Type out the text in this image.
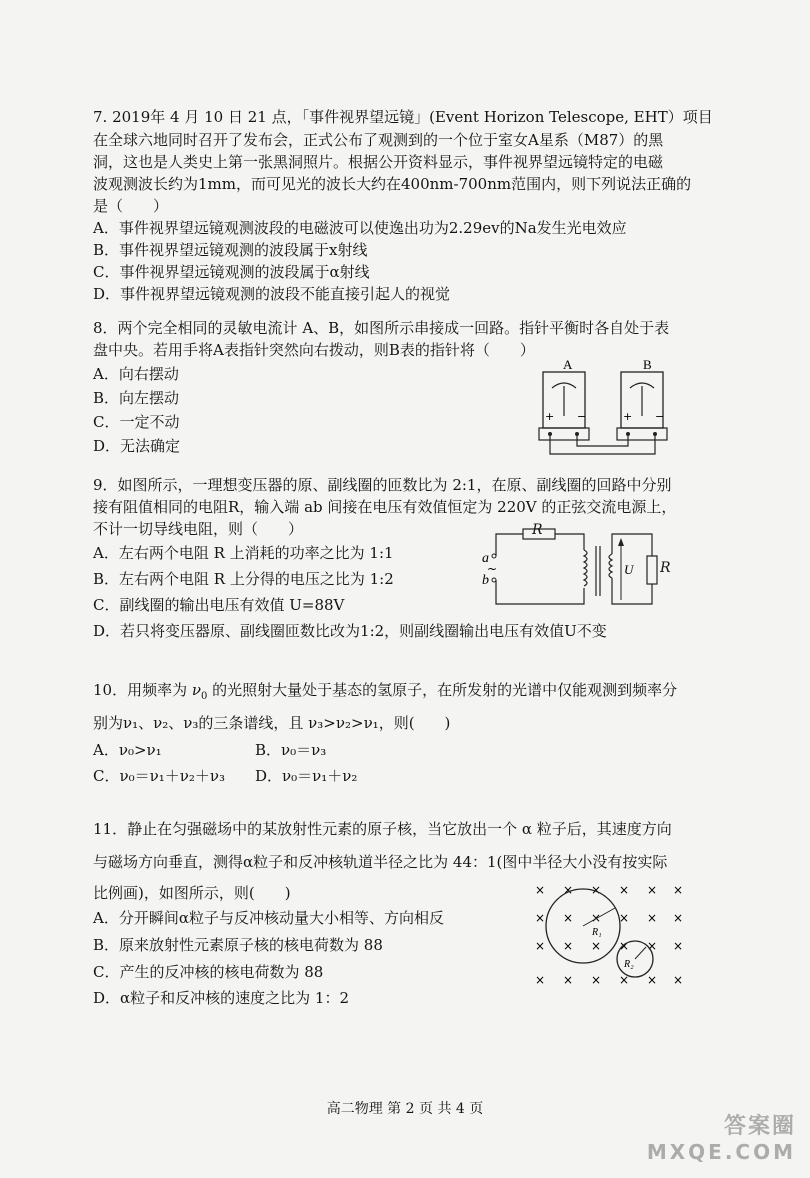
7. 2019年 4 月 10 日 21 点，「事件视界望远镜」(Event Horizon Telescope, EHT）项目
在全球六地同时召开了发布会，正式公布了观测到的一个位于室女A星系（M87）的黑
洞，这也是人类史上第一张黑洞照片。根据公开资料显示，事件视界望远镜特定的电磁
波观测波长约为1mm，而可见光的波长大约在400nm-700nm范围内，则下列说法正确的
是（　　）
A．事件视界望远镜观测波段的电磁波可以使逸出功为2.29ev的Na发生光电效应
B．事件视界望远镜观测的波段属于x射线
C．事件视界望远镜观测的波段属于α射线
D．事件视界望远镜观测的波段不能直接引起人的视觉
8．两个完全相同的灵敏电流计 A、B，如图所示串接成一回路。指针平衡时各自处于表
盘中央。若用手将A表指针突然向右拨动，则B表的指针将（　　）
A．向右摆动
B．向左摆动
C．一定不动
D．无法确定
A	B
+ −	+ −
9．如图所示，一理想变压器的原、副线圈的匝数比为 2:1，在原、副线圈的回路中分别
接有阻值相同的电阻R，输入端 ab 间接在电压有效值恒定为 220V 的正弦交流电源上，
不计一切导线电阻，则（　　）
A．左右两个电阻 R 上消耗的功率之比为 1:1
B．左右两个电阻 R 上分得的电压之比为 1:2
C．副线圈的输出电压有效值 U=88V
D．若只将变压器原、副线圈匝数比改为1:2，则副线圈输出电压有效值U不变
a
b
~	U
R
R
10．用频率为 $\nu_0$ 的光照射大量处于基态的氢原子，在所发射的光谱中仅能观测到频率分
别为ν₁、ν₂、ν₃的三条谱线，且 ν₃>ν₂>ν₁，则(　　)
A．ν₀>ν₁	B．ν₀＝ν₃
C．ν₀＝ν₁＋ν₂＋ν₃ D．ν₀＝ν₁＋ν₂
11．静止在匀强磁场中的某放射性元素的原子核，当它放出一个 α 粒子后，其速度方向
与磁场方向垂直，测得α粒子和反冲核轨道半径之比为 44：1(图中半径大小没有按实际
比例画)，如图所示，则(　　)
A．分开瞬间α粒子与反冲核动量大小相等、方向相反
B．原来放射性元素原子核的核电荷数为 88
C．产生的反冲核的核电荷数为 88
D．α粒子和反冲核的速度之比为 1：2
× × × × × ×
× × × × × ×
× × × × × ×
× × × × × ×
R₁
R₂
高二物理 第 2 页 共 4 页
答案圈
MXQE.COM
